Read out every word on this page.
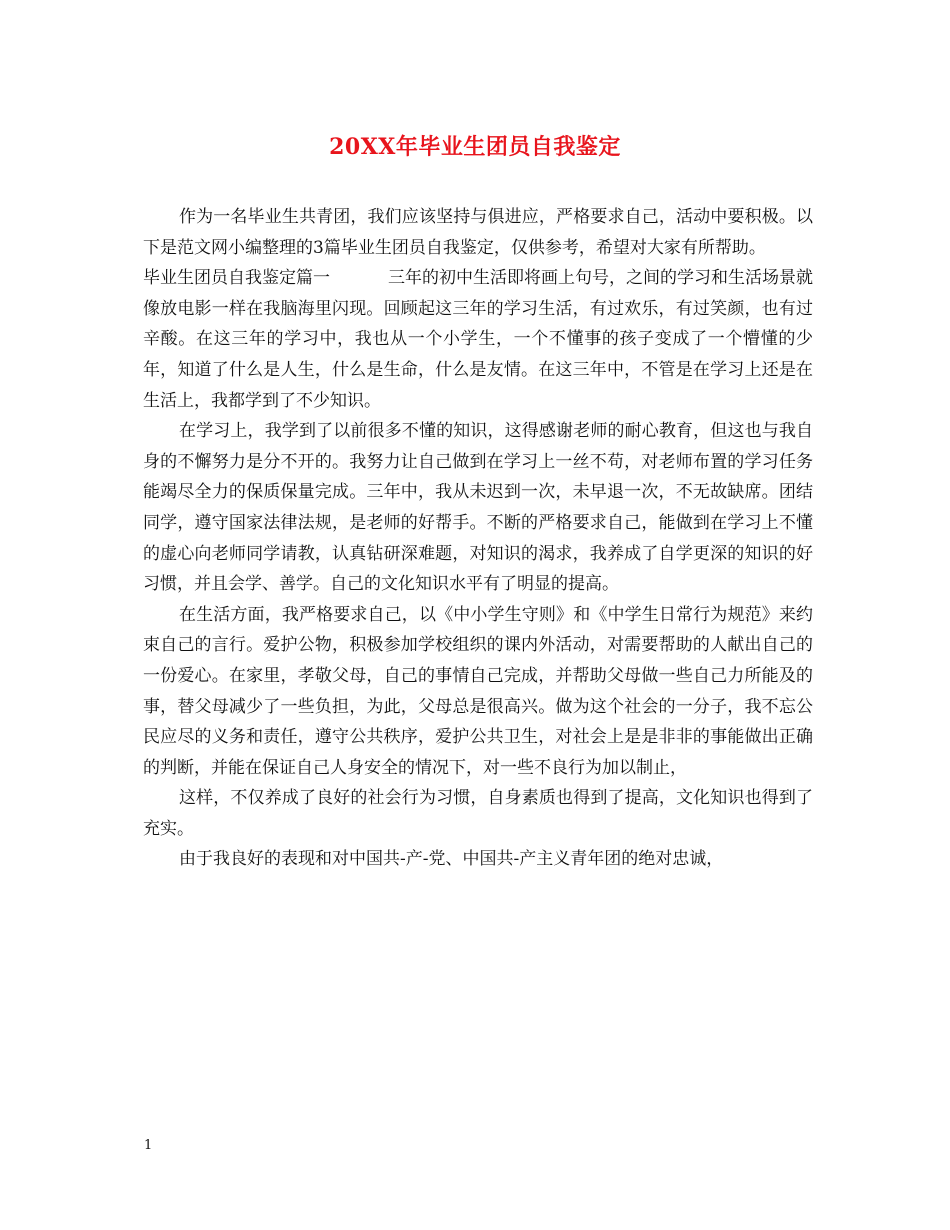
20XX年毕业生团员自我鉴定

作为一名毕业生共青团，我们应该坚持与俱进应，严格要求自己，活动中要积极。以下是范文网小编整理的3篇毕业生团员自我鉴定，仅供参考，希望对大家有所帮助。

毕业生团员自我鉴定篇一	三年的初中生活即将画上句号，之间的学习和生活场景就像放电影一样在我脑海里闪现。回顾起这三年的学习生活，有过欢乐，有过笑颜，也有过辛酸。在这三年的学习中，我也从一个小学生，一个不懂事的孩子变成了一个懵懂的少年，知道了什么是人生，什么是生命，什么是友情。在这三年中，不管是在学习上还是在生活上，我都学到了不少知识。

在学习上，我学到了以前很多不懂的知识，这得感谢老师的耐心教育，但这也与我自身的不懈努力是分不开的。我努力让自己做到在学习上一丝不苟，对老师布置的学习任务能竭尽全力的保质保量完成。三年中，我从未迟到一次，未早退一次，不无故缺席。团结同学，遵守国家法律法规，是老师的好帮手。不断的严格要求自己，能做到在学习上不懂的虚心向老师同学请教，认真钻研深难题，对知识的渴求，我养成了自学更深的知识的好习惯，并且会学、善学。自己的文化知识水平有了明显的提高。

在生活方面，我严格要求自己，以《中小学生守则》和《中学生日常行为规范》来约束自己的言行。爱护公物，积极参加学校组织的课内外活动，对需要帮助的人献出自己的一份爱心。在家里，孝敬父母，自己的事情自己完成，并帮助父母做一些自己力所能及的事，替父母减少了一些负担，为此，父母总是很高兴。做为这个社会的一分子，我不忘公民应尽的义务和责任，遵守公共秩序，爱护公共卫生，对社会上是是非非的事能做出正确的判断，并能在保证自己人身安全的情况下，对一些不良行为加以制止，

这样，不仅养成了良好的社会行为习惯，自身素质也得到了提高，文化知识也得到了充实。

由于我良好的表现和对中国共-产-党、中国共-产主义青年团的绝对忠诚，

1
